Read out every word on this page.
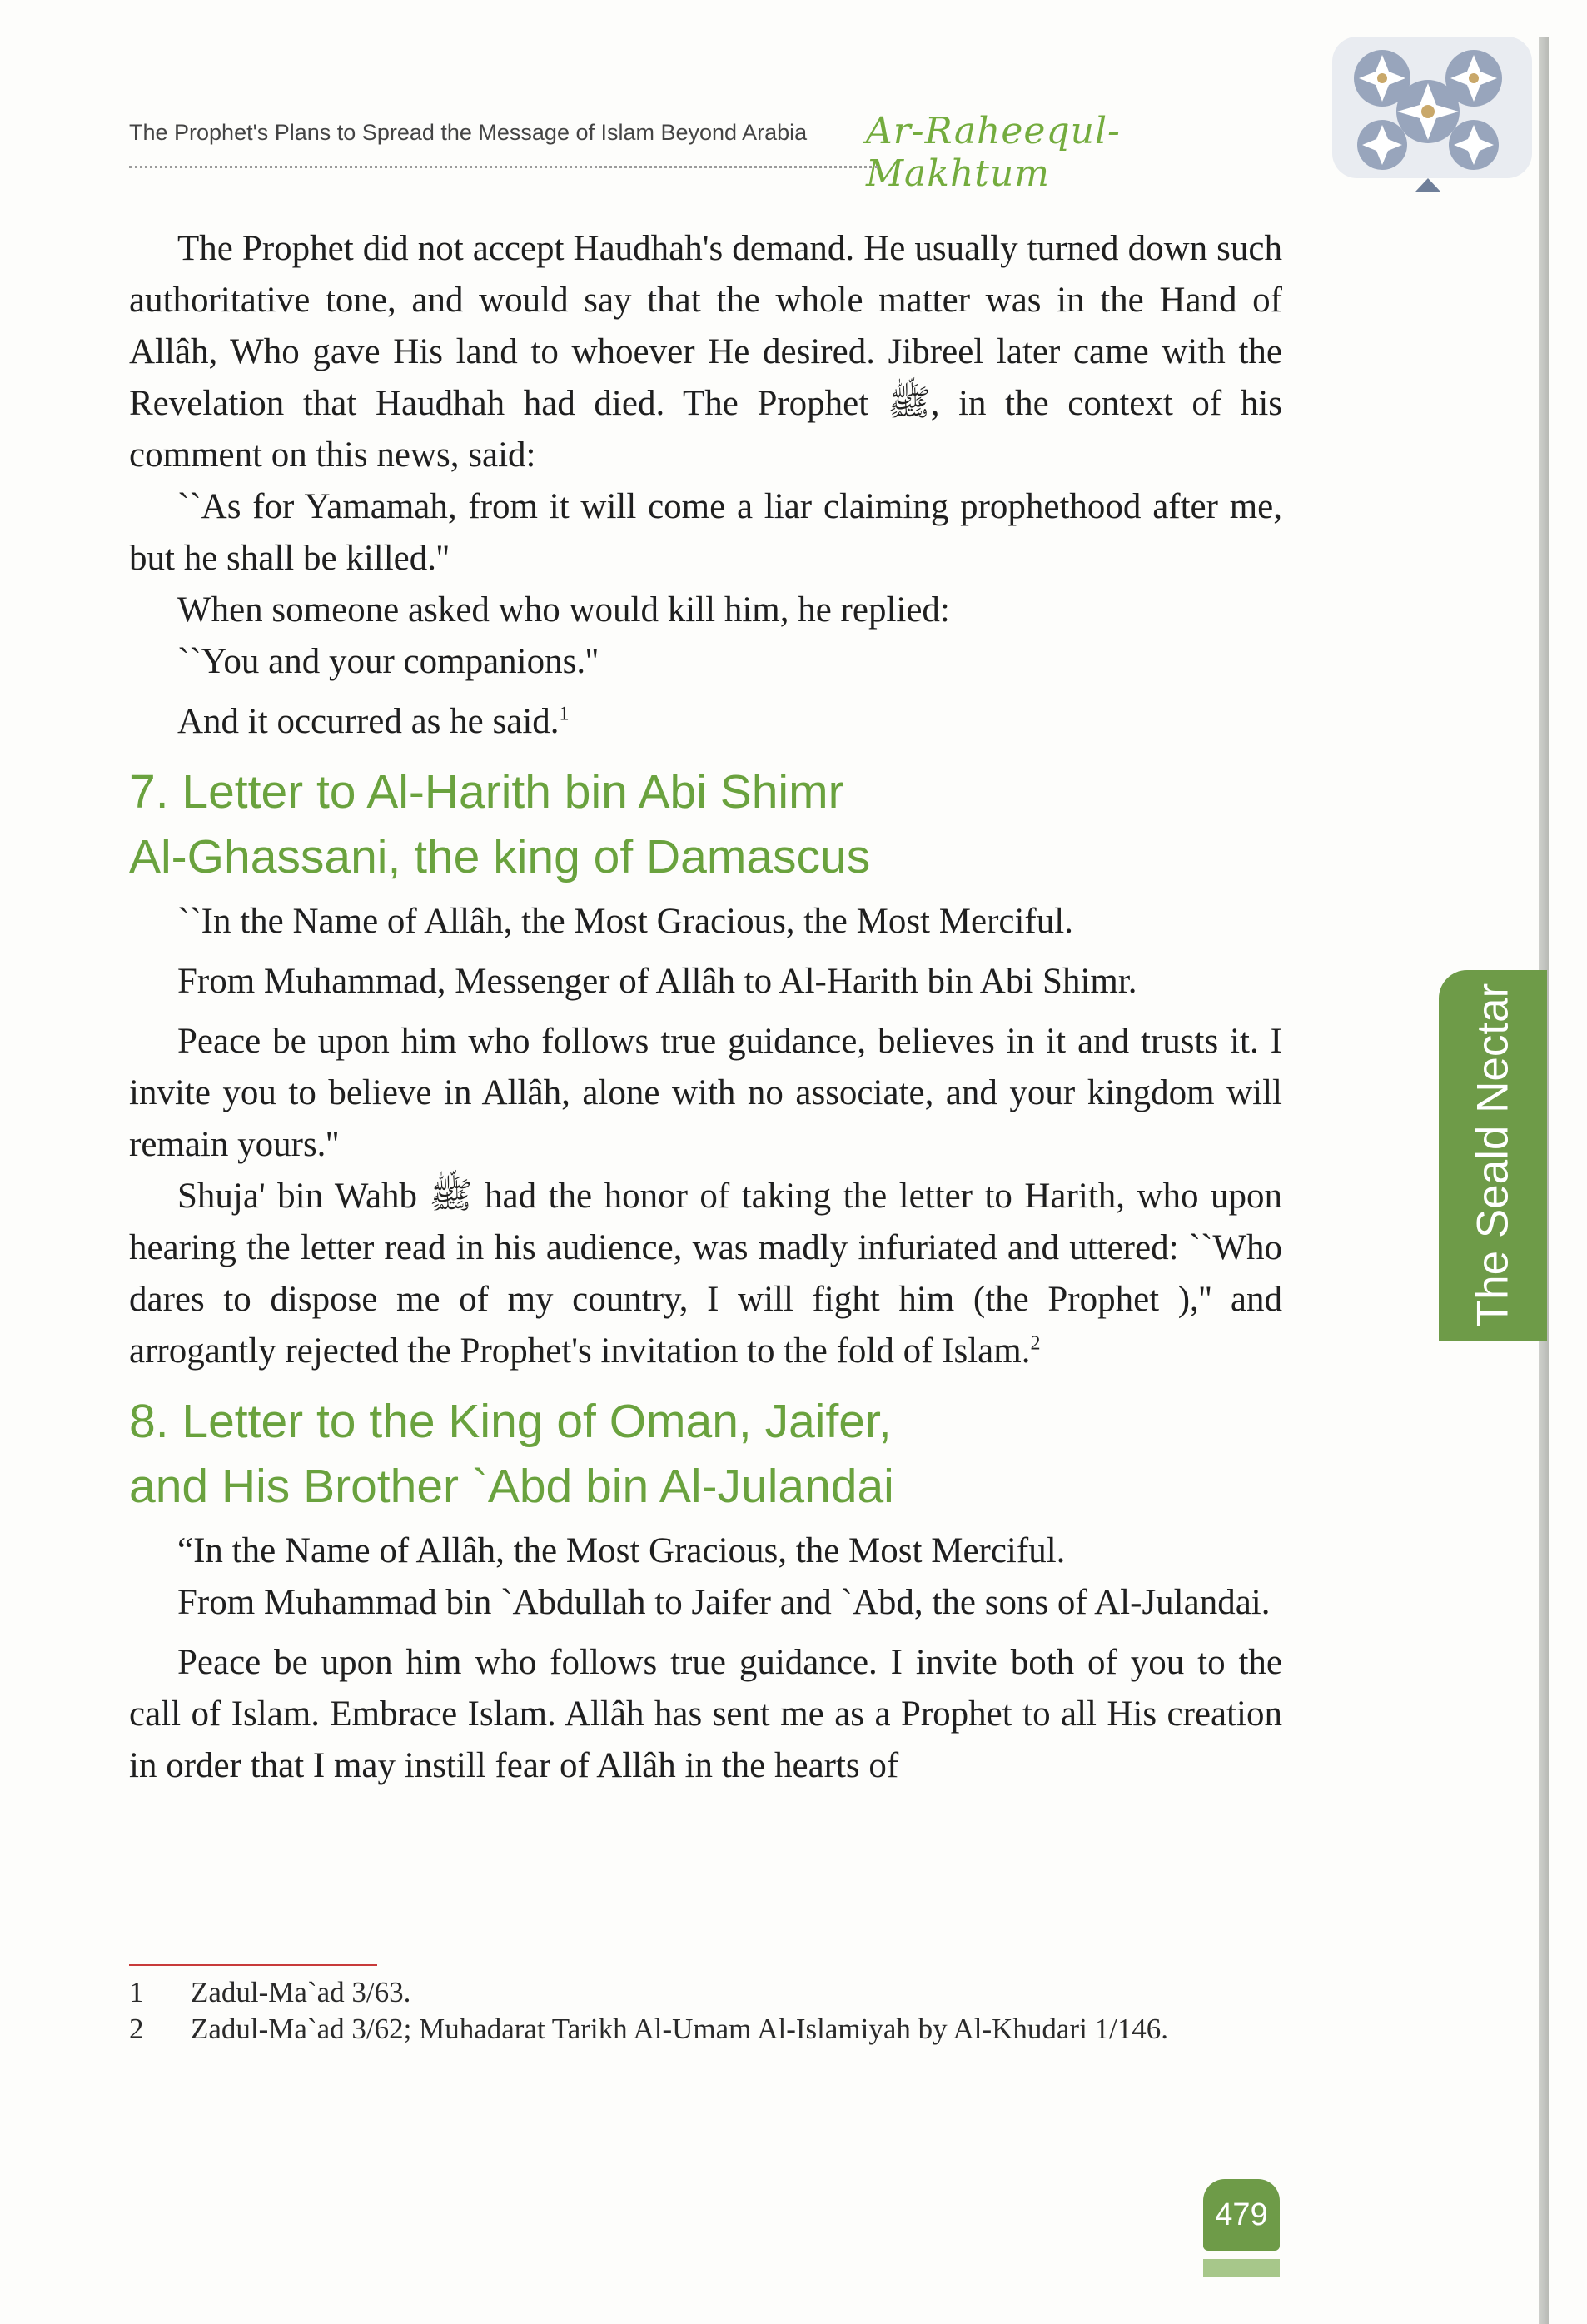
The Prophet's Plans to Spread the Message of Islam Beyond Arabia Ar-Raheequl-Makhtum
The Seald Nectar

The Prophet did not accept Haudhah's demand. He usually turned down such authoritative tone, and would say that the whole matter was in the Hand of Allâh, Who gave His land to whoever He desired. Jibreel later came with the Revelation that Haudhah had died. The Prophet ﷺ, in the context of his comment on this news, said:

``As for Yamamah, from it will come a liar claiming prophethood after me, but he shall be killed.''

When someone asked who would kill him, he replied:

``You and your companions.''

And it occurred as he said.$^1$

7. Letter to Al-Harith bin Abi Shimr
Al-Ghassani, the king of Damascus

``In the Name of Allâh, the Most Gracious, the Most Merciful.

From Muhammad, Messenger of Allâh to Al-Harith bin Abi Shimr.

Peace be upon him who follows true guidance, believes in it and trusts it. I invite you to believe in Allâh, alone with no associate, and your kingdom will remain yours.''

Shuja' bin Wahb ﷺ had the honor of taking the letter to Harith, who upon hearing the letter read in his audience, was madly infuriated and uttered: ``Who dares to dispose me of my country, I will fight him (the Prophet ),'' and arrogantly rejected the Prophet's invitation to the fold of Islam.$^2$

8. Letter to the King of Oman, Jaifer,
and His Brother `Abd bin Al-Julandai

“In the Name of Allâh, the Most Gracious, the Most Merciful.

From Muhammad bin `Abdullah to Jaifer and `Abd, the sons of Al-Julandai.

Peace be upon him who follows true guidance. I invite both of you to the call of Islam. Embrace Islam. Allâh has sent me as a Prophet to all His creation in order that I may instill fear of Allâh in the hearts of

1	Zadul-Ma`ad 3/63.
2	Zadul-Ma`ad 3/62; Muhadarat Tarikh Al-Umam Al-Islamiyah by Al-Khudari 1/146.
479
